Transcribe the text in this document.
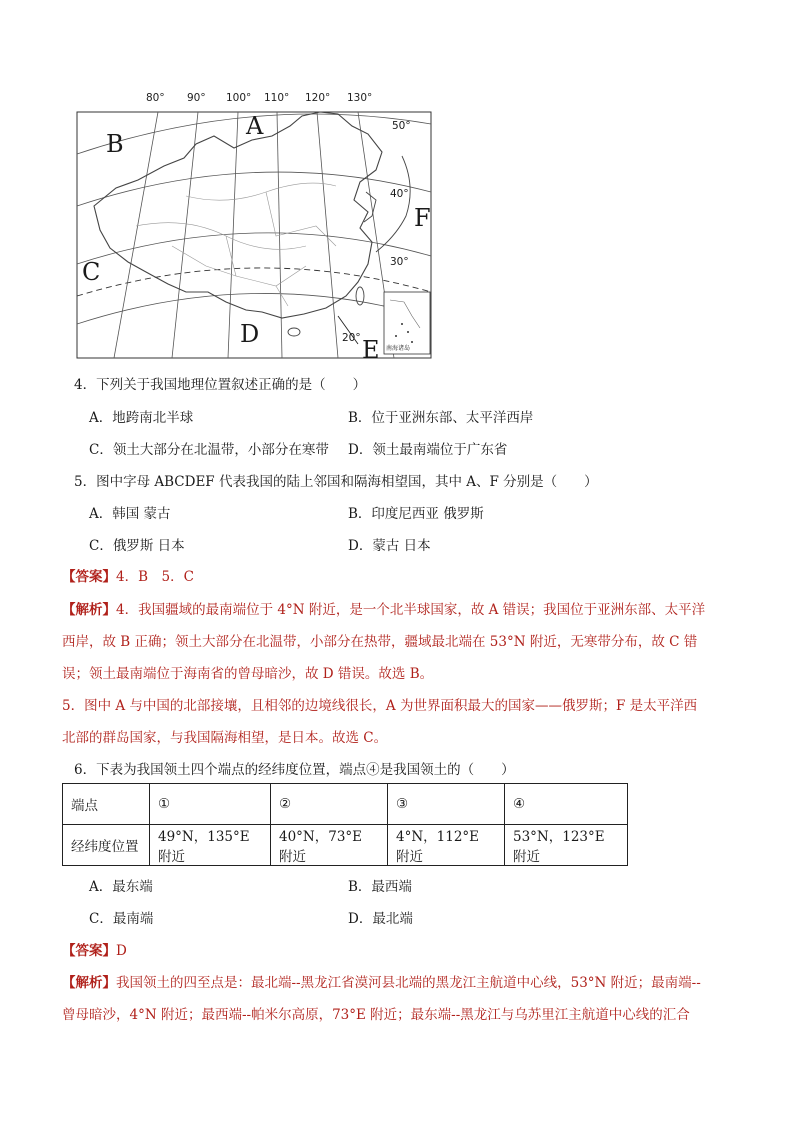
80° 90° 100° 110° 120° 130°
50°
40°
30°
20°
A
B
C
D
E
F
南海诸岛
4．下列关于我国地理位置叙述正确的是（　　）
A．地跨南北半球	B．位于亚洲东部、太平洋西岸
C．领土大部分在北温带，小部分在寒带 D．领土最南端位于广东省
5．图中字母 ABCDEF 代表我国的陆上邻国和隔海相望国，其中 A、F 分别是（　　）
A．韩国 蒙古	B．印度尼西亚 俄罗斯
C．俄罗斯 日本	D．蒙古 日本
【答案】4．B　5．C
【解析】4．我国疆域的最南端位于 4°N 附近，是一个北半球国家，故 A 错误；我国位于亚洲东部、太平洋
西岸，故 B 正确；领土大部分在北温带，小部分在热带，疆域最北端在 53°N 附近，无寒带分布，故 C 错
误；领土最南端位于海南省的曾母暗沙，故 D 错误。故选 B。
5．图中 A 与中国的北部接壤，且相邻的边境线很长，A 为世界面积最大的国家——俄罗斯；F 是太平洋西
北部的群岛国家，与我国隔海相望，是日本。故选 C。
6．下表为我国领土四个端点的经纬度位置，端点④是我国领土的（　　）
端点	①	②	③	④
经纬度位置	49°N，135°E 附近	40°N，73°E 附近	4°N，112°E 附近	53°N，123°E 附近
A．最东端	B．最西端
C．最南端	D．最北端
【答案】D
【解析】我国领土的四至点是：最北端--黑龙江省漠河县北端的黑龙江主航道中心线，53°N 附近；最南端--
曾母暗沙，4°N 附近；最西端--帕米尔高原，73°E 附近；最东端--黑龙江与乌苏里江主航道中心线的汇合
